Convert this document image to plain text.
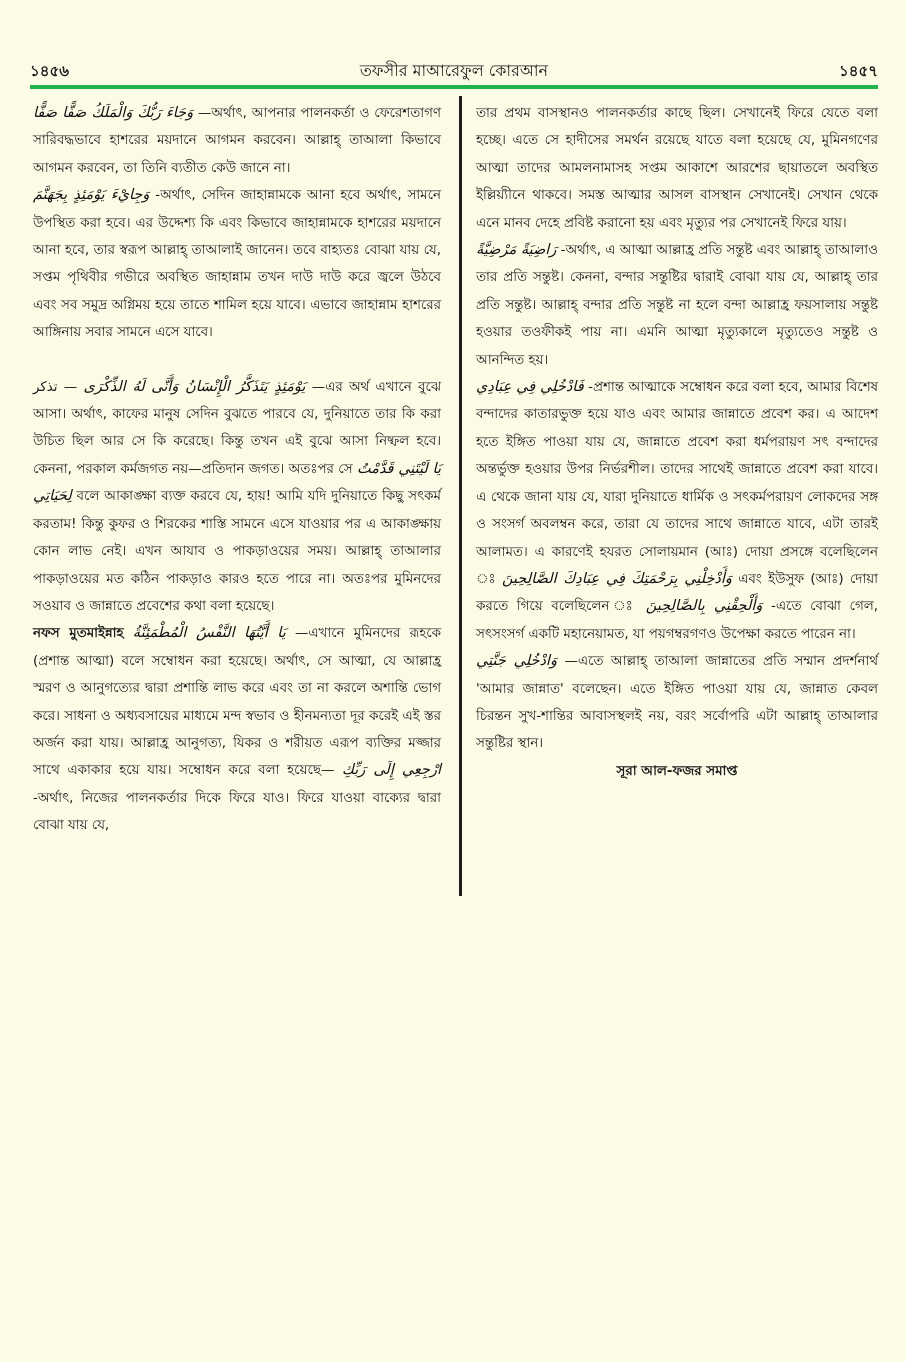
১৪৫৬	তফসীর মাআরেফুল কোরআন	১৪৫৭

وَجَاءَ رَبُّكَ وَالْمَلَكُ صَفًّا صَفًّا —অর্থাৎ, আপনার পালনকর্তা ও ফেরেশতাগণ সারিবদ্ধভাবে হাশরের ময়দানে আগমন করবেন। আল্লাহ্ তাআলা কিভাবে আগমন করবেন, তা তিনি ব্যতীত কেউ জানে না।

وَجِايْءَ يَوْمَئِذٍ بِجَهَنَّمَ -অর্থাৎ, সেদিন জাহান্নামকে আনা হবে অর্থাৎ, সামনে উপস্থিত করা হবে। এর উদ্দেশ্য কি এবং কিভাবে জাহান্নামকে হাশরের ময়দানে আনা হবে, তার স্বরূপ আল্লাহ্ তাআলাই জানেন। তবে বাহ্যতঃ বোঝা যায় যে, সপ্তম পৃথিবীর গভীরে অবস্থিত জাহান্নাম তখন দাউ দাউ করে জ্বলে উঠবে এবং সব সমুদ্র অগ্নিময় হয়ে তাতে শামিল হয়ে যাবে। এভাবে জাহান্নাম হাশরের আঙ্গিনায় সবার সামনে এসে যাবে।

يَوْمَئِذٍ يَتَذَكَّرُ الْإِنْسَانُ وَأَنَّى لَهُ الذِّكْرَى — تذكر —এর অর্থ এখানে বুঝে আসা। অর্থাৎ, কাফের মানুষ সেদিন বুঝতে পারবে যে, দুনিয়াতে তার কি করা উচিত ছিল আর সে কি করেছে। কিন্তু তখন এই বুঝে আসা নিষ্ফল হবে। কেননা, পরকাল কর্মজগত নয়—প্রতিদান জগত। অতঃপর সে يَا لَيْتَنِي قَدَّمْتُ لِحَيَاتِي বলে আকাঙ্ক্ষা ব্যক্ত করবে যে, হায়! আমি যদি দুনিয়াতে কিছু সৎকর্ম করতাম! কিন্তু কুফর ও শিরকের শাস্তি সামনে এসে যাওয়ার পর এ আকাঙ্ক্ষায় কোন লাভ নেই। এখন আযাব ও পাকড়াওয়ের সময়। আল্লাহ্ তাআলার পাকড়াওয়ের মত কঠিন পাকড়াও কারও হতে পারে না। অতঃপর মুমিনদের সওয়াব ও জান্নাতে প্রবেশের কথা বলা হয়েছে।

নফস মুতমাইন্নাহ يَا أَيَّتُهَا النَّفْسُ الْمُطْمَئِنَّةُ —এখানে মুমিনদের রূহকে (প্রশান্ত আত্মা) বলে সম্বোধন করা হয়েছে। অর্থাৎ, সে আত্মা, যে আল্লাহ্র স্মরণ ও আনুগত্যের দ্বারা প্রশান্তি লাভ করে এবং তা না করলে অশান্তি ভোগ করে। সাধনা ও অধ্যবসায়ের মাধ্যমে মন্দ স্বভাব ও হীনমন্যতা দূর করেই এই স্তর অর্জন করা যায়। আল্লাহ্র আনুগত্য, যিকর ও শরীয়ত এরূপ ব্যক্তির মজ্জার সাথে একাকার হয়ে যায়। সম্বোধন করে বলা হয়েছে— ارْجِعِي إِلَى رَبِّكِ -অর্থাৎ, নিজের পালনকর্তার দিকে ফিরে যাও। ফিরে যাওয়া বাক্যের দ্বারা বোঝা যায় যে,

তার প্রথম বাসস্থানও পালনকর্তার কাছে ছিল। সেখানেই ফিরে যেতে বলা হচ্ছে। এতে সে হাদীসের সমর্থন রয়েছে যাতে বলা হয়েছে যে, মুমিনগণের আত্মা তাদের আমলনামাসহ সপ্তম আকাশে আরশের ছায়াতলে অবস্থিত ইল্লিয়্যীনে থাকবে। সমস্ত আত্মার আসল বাসস্থান সেখানেই। সেখান থেকে এনে মানব দেহে প্রবিষ্ট করানো হয় এবং মৃত্যুর পর সেখানেই ফিরে যায়।

رَاضِيَةً مَرْضِيَّةً -অর্থাৎ, এ আত্মা আল্লাহ্র প্রতি সন্তুষ্ট এবং আল্লাহ্ তাআলাও তার প্রতি সন্তুষ্ট। কেননা, বন্দার সন্তুষ্টির দ্বারাই বোঝা যায় যে, আল্লাহ্ তার প্রতি সন্তুষ্ট। আল্লাহ্ বন্দার প্রতি সন্তুষ্ট না হলে বন্দা আল্লাহ্র ফয়সালায় সন্তুষ্ট হওয়ার তওফীকই পায় না। এমনি আত্মা মৃত্যুকালে মৃত্যুতেও সন্তুষ্ট ও আনন্দিত হয়।

فَادْخُلِي فِي عِبَادِي -প্রশান্ত আত্মাকে সম্বোধন করে বলা হবে, আমার বিশেষ বন্দাদের কাতারভুক্ত হয়ে যাও এবং আমার জান্নাতে প্রবেশ কর। এ আদেশ হতে ইঙ্গিত পাওয়া যায় যে, জান্নাতে প্রবেশ করা ধর্মপরায়ণ সৎ বন্দাদের অন্তর্ভুক্ত হওয়ার উপর নির্ভরশীল। তাদের সাথেই জান্নাতে প্রবেশ করা যাবে। এ থেকে জানা যায় যে, যারা দুনিয়াতে ধার্মিক ও সৎকর্মপরায়ণ লোকদের সঙ্গ ও সংসর্গ অবলম্বন করে, তারা যে তাদের সাথে জান্নাতে যাবে, এটা তারই আলামত। এ কারণেই হযরত সোলায়মান (আঃ) দোয়া প্রসঙ্গে বলেছিলেন ঃ وَأَدْخِلْنِي بِرَحْمَتِكَ فِي عِبَادِكَ الصَّالِحِينَ এবং ইউসুফ (আঃ) দোয়া করতে গিয়ে বলেছিলেন ঃ وَأَلْحِقْنِي بِالصَّالِحِينَ -এতে বোঝা গেল, সৎসংসর্গ একটি মহানেয়ামত, যা পয়গম্বরগণও উপেক্ষা করতে পারেন না।

وَادْخُلِي جَنَّتِي —এতে আল্লাহ্ তাআলা জান্নাতের প্রতি সম্মান প্রদর্শনার্থ 'আমার জান্নাত' বলেছেন। এতে ইঙ্গিত পাওয়া যায় যে, জান্নাত কেবল চিরন্তন সুখ-শান্তির আবাসস্থলই নয়, বরং সর্বোপরি এটা আল্লাহ্ তাআলার সন্তুষ্টির স্থান।

সূরা আল-ফজর সমাপ্ত
